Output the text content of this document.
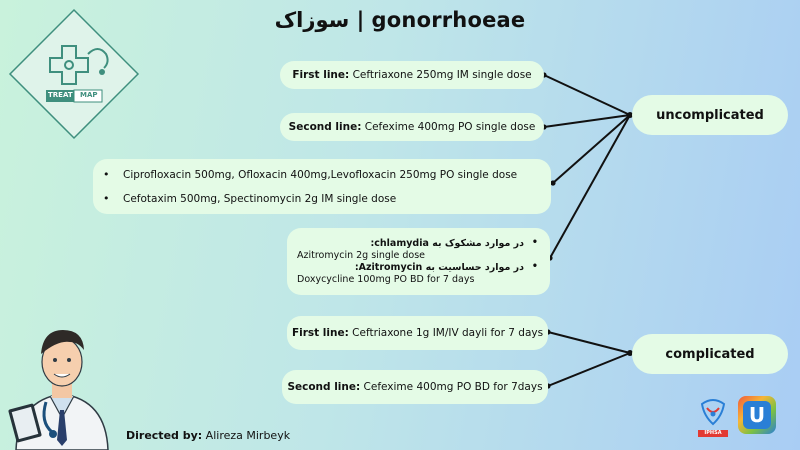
سوزاک | gonorrhoeae
TREAT MAP
First line: Ceftriaxone 250mg IM single dose
Second line: Cefexime 400mg PO single dose
• Ciprofloxacin 500mg, Ofloxacin 400mg,Levofloxacin 250mg PO single dose
• Cefotaxim 500mg, Spectinomycin 2g IM single dose
• در موارد مشکوک به chlamydia:
Azitromycin 2g single dose
• در موارد حساسیت به Azitromycin:
Doxycycline 100mg PO BD for 7 days
uncomplicated
First line: Ceftriaxone 1g IM/IV dayli for 7 days
Second line: Cefexime 400mg PO BD for 7days
complicated
Directed by: Alireza Mirbeyk	IPHSA
U
